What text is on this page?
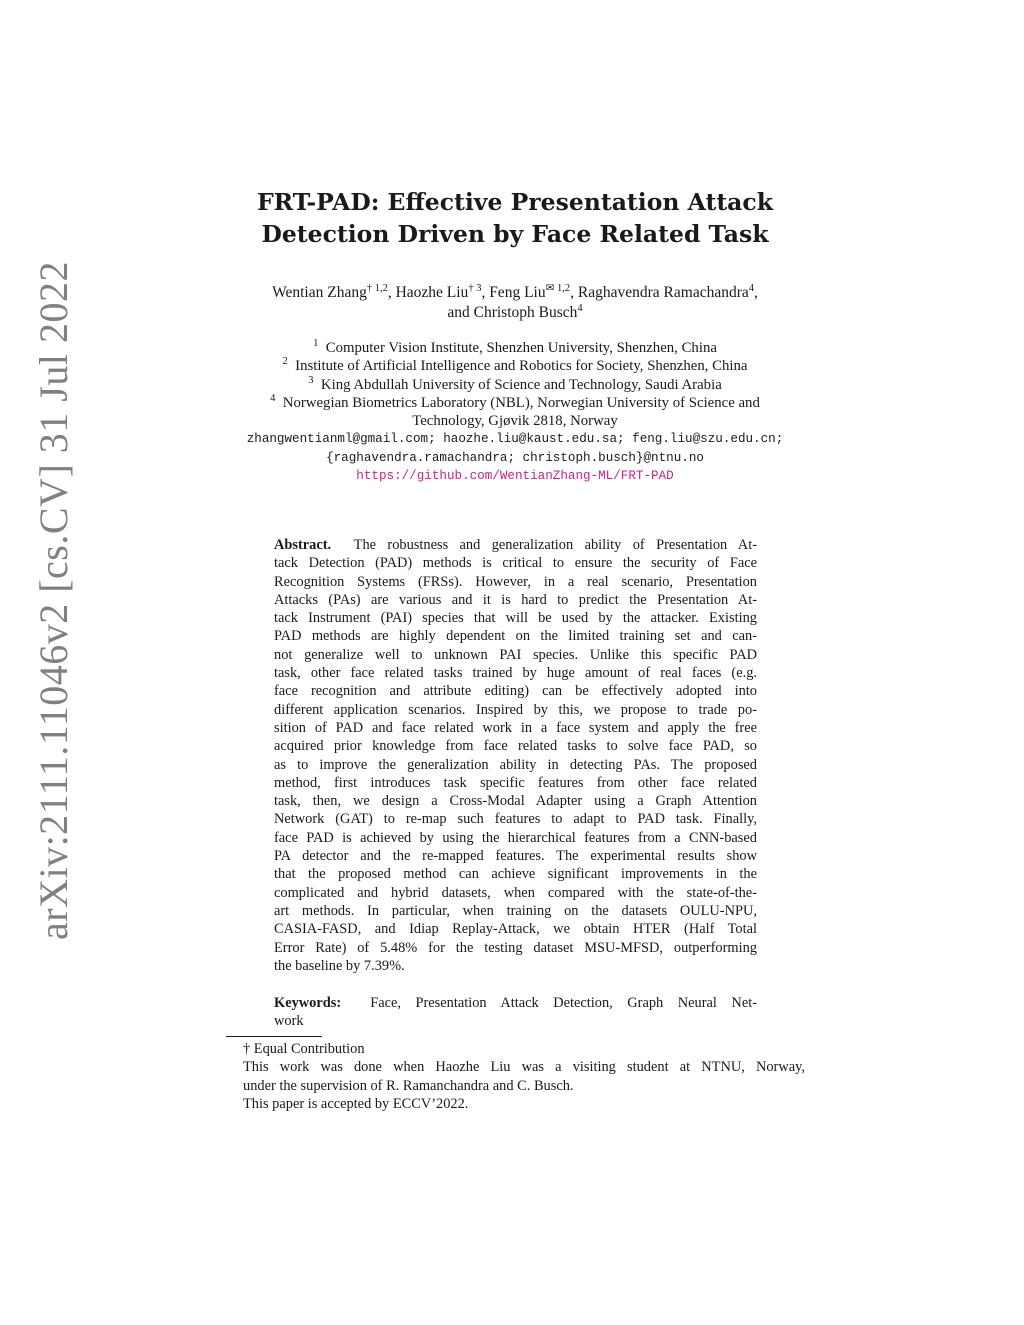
arXiv:2111.11046v2 [cs.CV] 31 Jul 2022
FRT-PAD: Effective Presentation Attack
Detection Driven by Face Related Task
Wentian Zhang$^{\dagger 1,2}$, Haozhe Liu$^{\dagger 3}$, Feng Liu$^{✉ 1,2}$, Raghavendra Ramachandra$^4$,
and Christoph Busch$^4$
$^1$ Computer Vision Institute, Shenzhen University, Shenzhen, China
$^2$ Institute of Artificial Intelligence and Robotics for Society, Shenzhen, China
$^3$ King Abdullah University of Science and Technology, Saudi Arabia
$^4$ Norwegian Biometrics Laboratory (NBL), Norwegian University of Science and
Technology, Gjøvik 2818, Norway
zhangwentianml@gmail.com; haozhe.liu@kaust.edu.sa; feng.liu@szu.edu.cn;
{raghavendra.ramachandra; christoph.busch}@ntnu.no
https://github.com/WentianZhang-ML/FRT-PAD
Abstract. The robustness and generalization ability of Presentation At-
tack Detection (PAD) methods is critical to ensure the security of Face
Recognition Systems (FRSs). However, in a real scenario, Presentation
Attacks (PAs) are various and it is hard to predict the Presentation At-
tack Instrument (PAI) species that will be used by the attacker. Existing
PAD methods are highly dependent on the limited training set and can-
not generalize well to unknown PAI species. Unlike this specific PAD
task, other face related tasks trained by huge amount of real faces (e.g.
face recognition and attribute editing) can be effectively adopted into
different application scenarios. Inspired by this, we propose to trade po-
sition of PAD and face related work in a face system and apply the free
acquired prior knowledge from face related tasks to solve face PAD, so
as to improve the generalization ability in detecting PAs. The proposed
method, first introduces task specific features from other face related
task, then, we design a Cross-Modal Adapter using a Graph Attention
Network (GAT) to re-map such features to adapt to PAD task. Finally,
face PAD is achieved by using the hierarchical features from a CNN-based
PA detector and the re-mapped features. The experimental results show
that the proposed method can achieve significant improvements in the
complicated and hybrid datasets, when compared with the state-of-the-
art methods. In particular, when training on the datasets OULU-NPU,
CASIA-FASD, and Idiap Replay-Attack, we obtain HTER (Half Total
Error Rate) of 5.48% for the testing dataset MSU-MFSD, outperforming
the baseline by 7.39%.
Keywords: Face, Presentation Attack Detection, Graph Neural Net-
work
† Equal Contribution
This work was done when Haozhe Liu was a visiting student at NTNU, Norway,
under the supervision of R. Ramanchandra and C. Busch.
This paper is accepted by ECCV’2022.
